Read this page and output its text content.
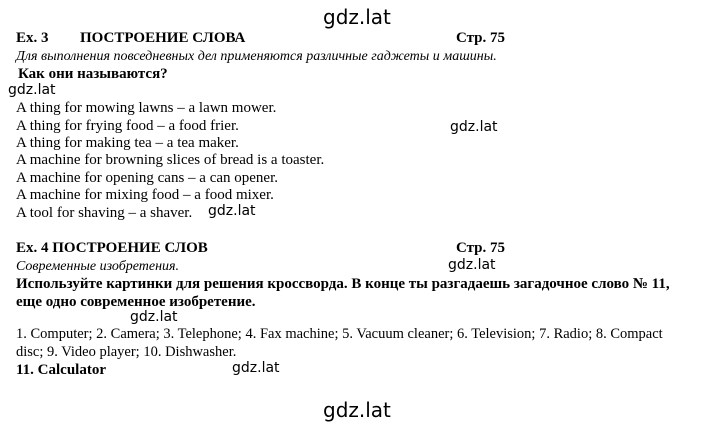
gdz.lat
Ex. 3 ПОСТРОЕНИЕ СЛОВА	Стр. 75
Для выполнения повседневных дел применяются различные гаджеты и машины.
Как они называются?
gdz.lat
A thing for mowing lawns – a lawn mower.
A thing for frying food – a food frier.	gdz.lat
A thing for making tea – a tea maker.
A machine for browning slices of bread is a toaster.
A machine for opening cans – a can opener.
A machine for mixing food – a food mixer.
A tool for shaving – a shaver. gdz.lat
Ex. 4 ПОСТРОЕНИЕ СЛОВ	Стр. 75
Современные изобретения.	gdz.lat
Используйте картинки для решения кроссворда. В конце ты разгадаешь загадочное слово № 11,
еще одно современное изобретение.
gdz.lat
1. Computer; 2. Camera; 3. Telephone; 4. Fax machine; 5. Vacuum cleaner; 6. Television; 7. Radio; 8. Compact
disc; 9. Video player; 10. Dishwasher.
11. Calculator	gdz.lat
gdz.lat
